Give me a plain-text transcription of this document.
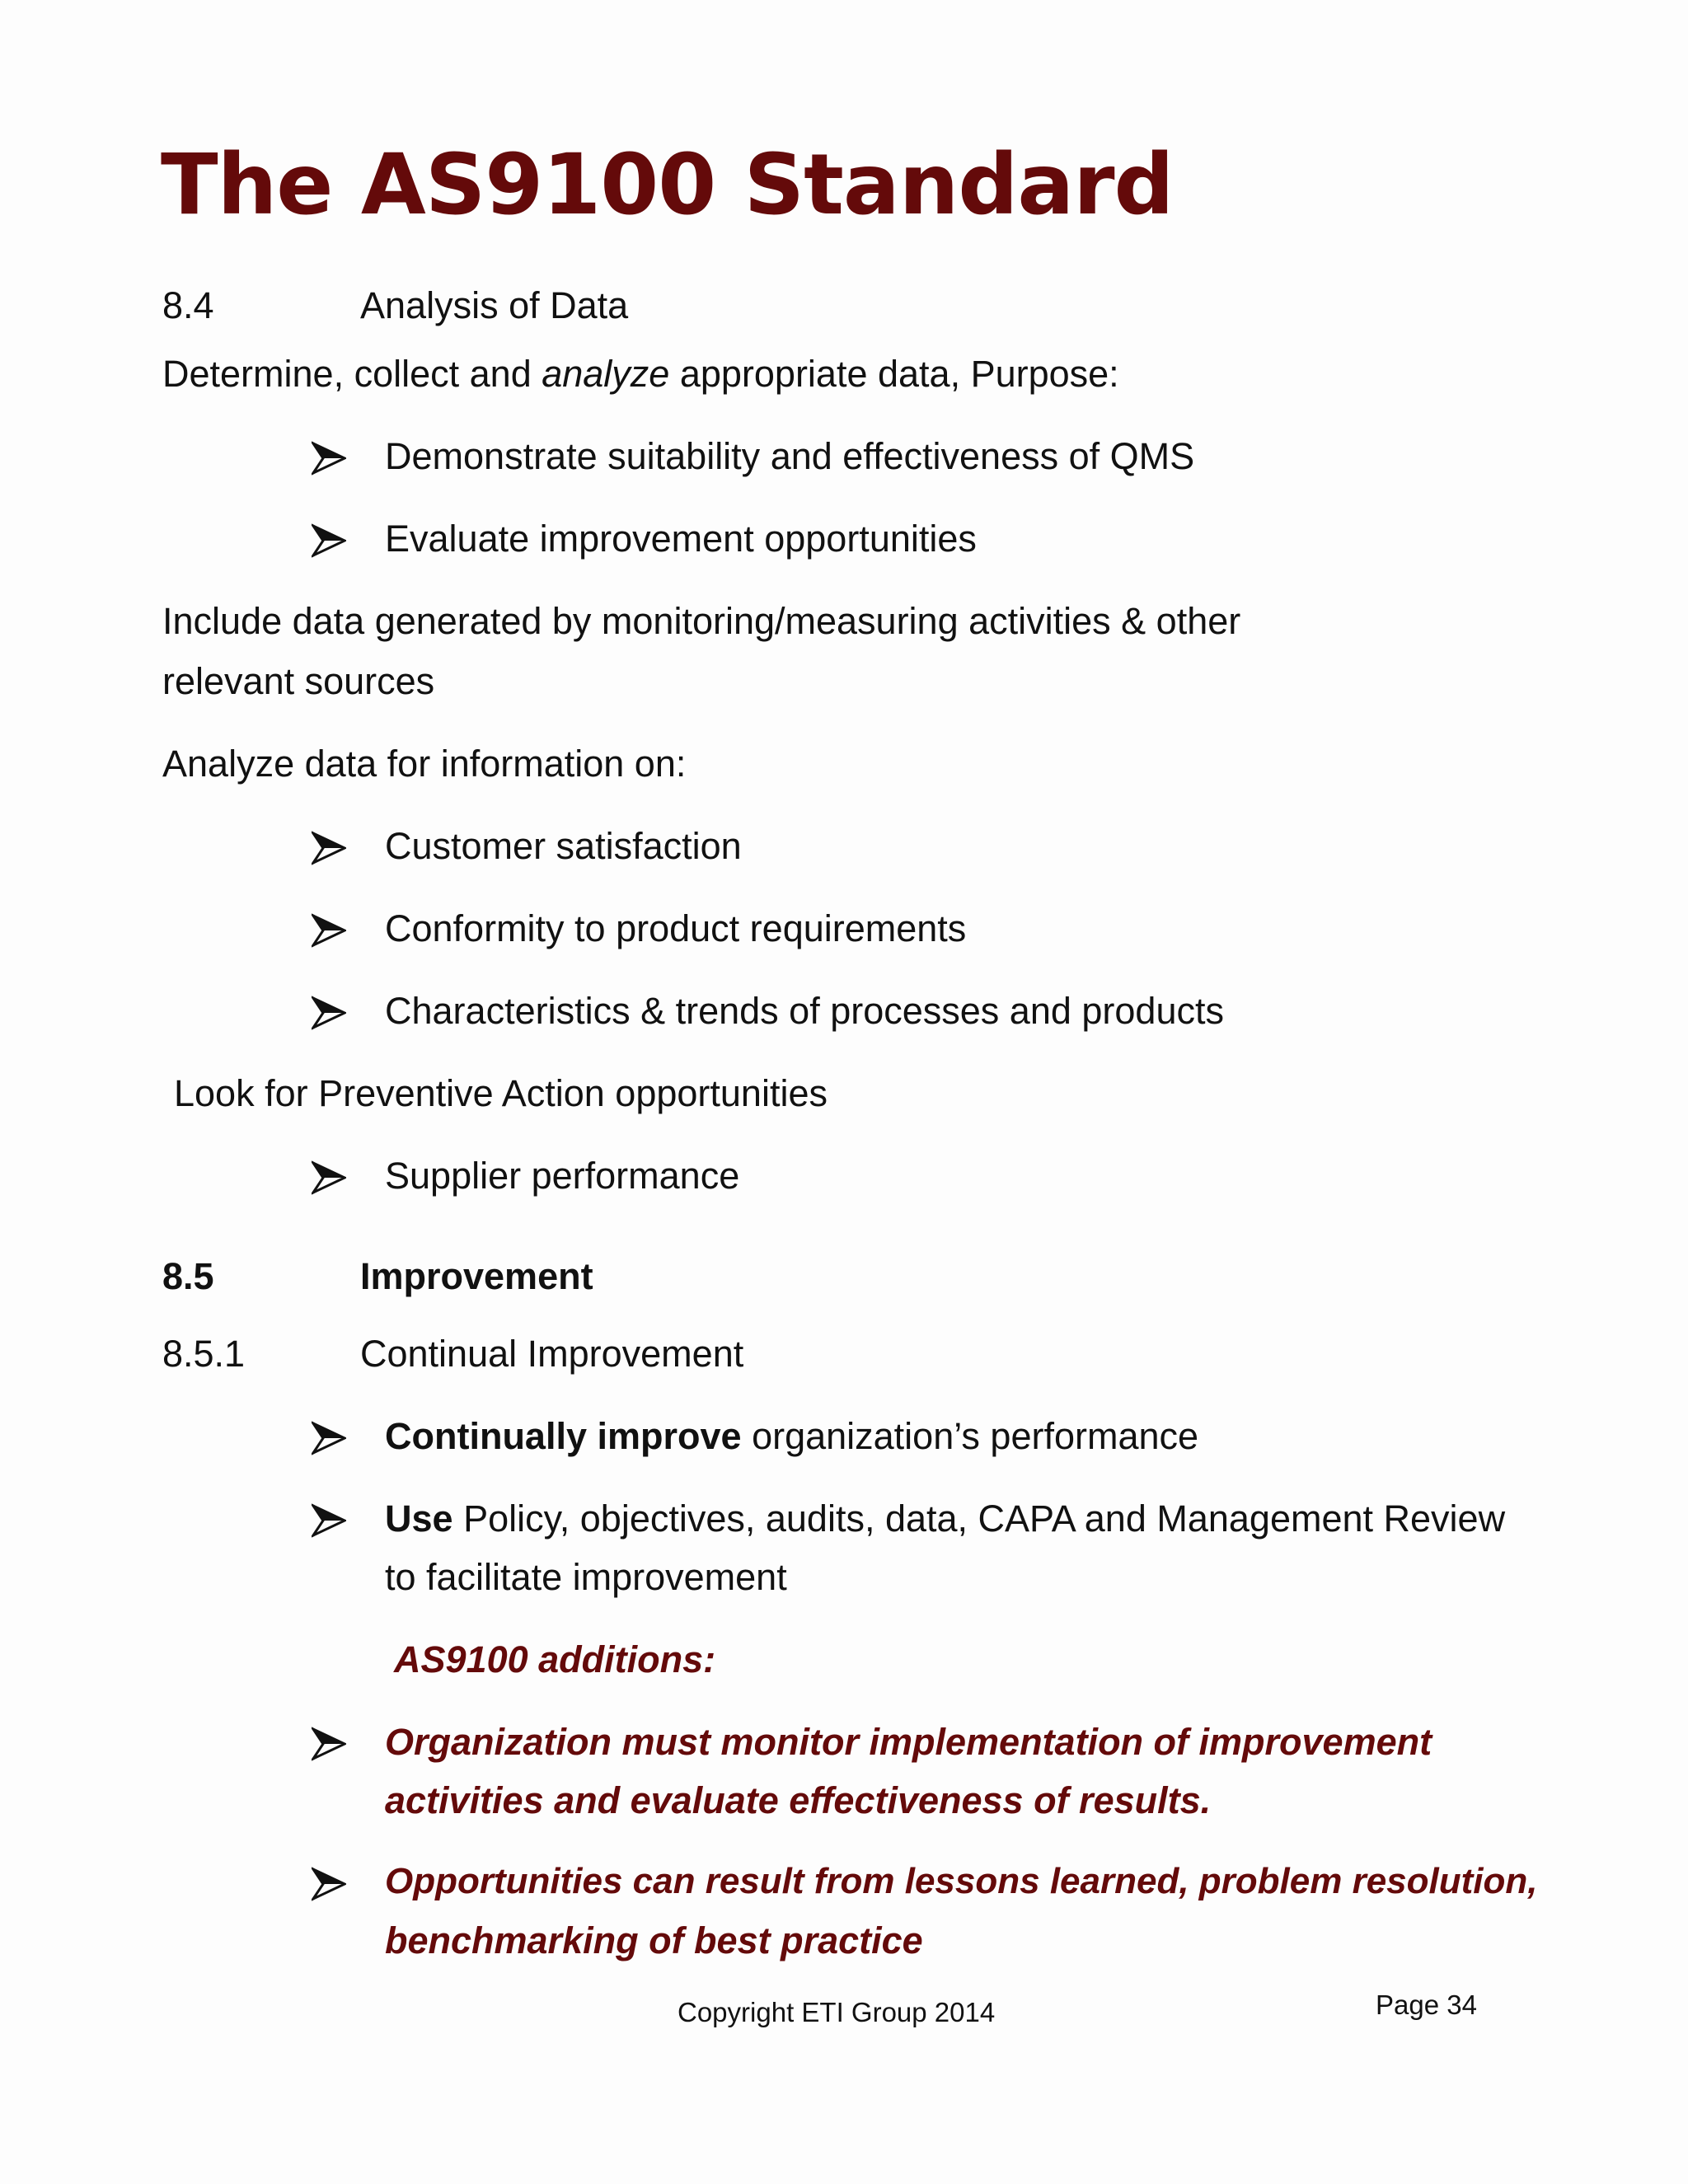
The AS9100 Standard
8.4	Analysis of Data
Determine, collect and analyze appropriate data, Purpose:
Demonstrate suitability and effectiveness of QMS
Evaluate improvement opportunities
Include data generated by monitoring/measuring activities & other
relevant sources
Analyze data for information on:
Customer satisfaction
Conformity to product requirements
Characteristics & trends of processes and products
Look for Preventive Action opportunities
Supplier performance
8.5	Improvement
8.5.1	Continual Improvement
Continually improve organization’s performance
Use Policy, objectives, audits, data, CAPA and Management Review
to facilitate improvement
AS9100 additions:
Organization must monitor implementation of improvement
activities and evaluate effectiveness of results.
Opportunities can result from lessons learned, problem resolution,
benchmarking of best practice
Copyright ETI Group 2014	Page 34
